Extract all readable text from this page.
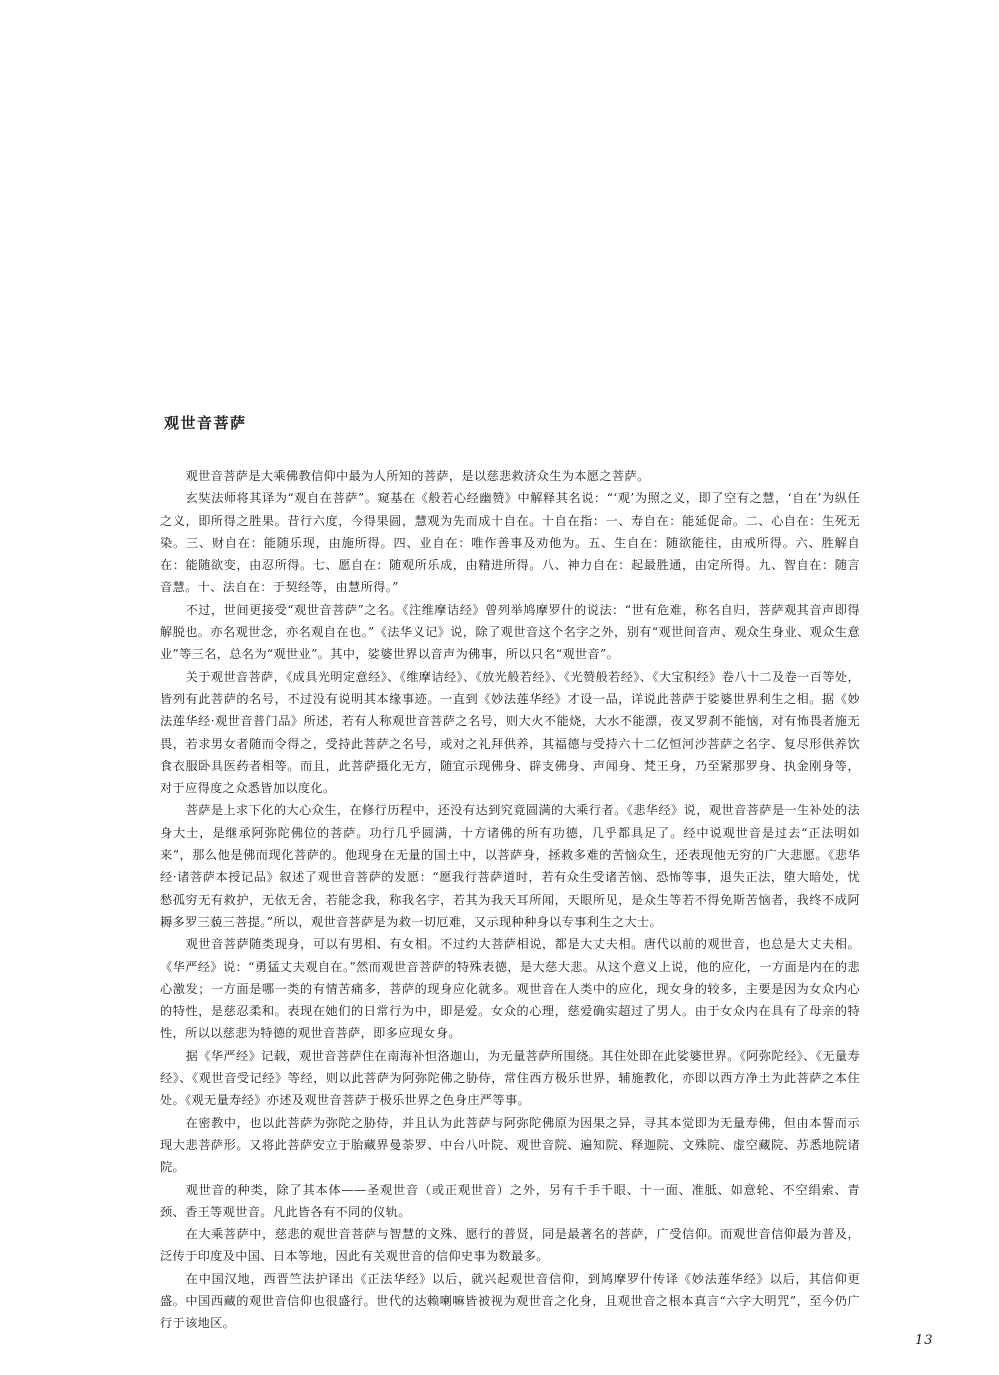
观世音菩萨

观世音菩萨是大乘佛教信仰中最为人所知的菩萨，是以慈悲救济众生为本愿之菩萨。

玄奘法师将其译为“观自在菩萨”。窥基在《般若心经幽赞》中解释其名说：“‘观’为照之义，即了空有之慧，‘自在’为纵任之义，即所得之胜果。昔行六度，今得果圆，慧观为先而成十自在。十自在指：一、寿自在：能延促命。二、心自在：生死无染。三、财自在：能随乐现，由施所得。四、业自在：唯作善事及劝他为。五、生自在：随欲能往，由戒所得。六、胜解自在：能随欲变，由忍所得。七、愿自在：随观所乐成，由精进所得。八、神力自在：起最胜通，由定所得。九、智自在：随言音慧。十、法自在：于契经等，由慧所得。”

不过，世间更接受“观世音菩萨”之名。《注维摩诘经》曾列举鸠摩罗什的说法：“世有危难，称名自归，菩萨观其音声即得解脱也。亦名观世念，亦名观自在也。”《法华义记》说，除了观世音这个名字之外，别有“观世间音声、观众生身业、观众生意业”等三名，总名为“观世业”。其中，娑婆世界以音声为佛事，所以只名“观世音”。

关于观世音菩萨，《成具光明定意经》、《维摩诘经》、《放光般若经》、《光赞般若经》、《大宝积经》卷八十二及卷一百等处，皆列有此菩萨的名号，不过没有说明其本缘事迹。一直到《妙法莲华经》才设一品，详说此菩萨于娑婆世界利生之相。据《妙法莲华经·观世音普门品》所述，若有人称观世音菩萨之名号，则大火不能烧，大水不能漂，夜叉罗刹不能恼，对有怖畏者施无畏，若求男女者随而令得之，受持此菩萨之名号，或对之礼拜供养，其福德与受持六十二亿恒河沙菩萨之名字、复尽形供养饮食衣服卧具医药者相等。而且，此菩萨摄化无方，随宜示现佛身、辟支佛身、声闻身、梵王身，乃至紧那罗身、执金刚身等，对于应得度之众悉皆加以度化。

菩萨是上求下化的大心众生，在修行历程中，还没有达到究竟圆满的大乘行者。《悲华经》说，观世音菩萨是一生补处的法身大士，是继承阿弥陀佛位的菩萨。功行几乎圆满，十方诸佛的所有功德，几乎都具足了。经中说观世音是过去“正法明如来”，那么他是佛而现化菩萨的。他现身在无量的国土中，以菩萨身，拯救多难的苦恼众生，还表现他无穷的广大悲愿。《悲华经·诸菩萨本授记品》叙述了观世音菩萨的发愿：“愿我行菩萨道时，若有众生受诸苦恼、恐怖等事，退失正法，堕大暗处，忧愁孤穷无有救护，无依无舍，若能念我，称我名字，若其为我天耳所闻，天眼所见，是众生等若不得免斯苦恼者，我终不成阿耨多罗三藐三菩提。”所以，观世音菩萨是为救一切厄难，又示现种种身以专事利生之大士。

观世音菩萨随类现身，可以有男相、有女相。不过约大菩萨相说，都是大丈夫相。唐代以前的观世音，也总是大丈夫相。《华严经》说：“勇猛丈夫观自在。”然而观世音菩萨的特殊表德，是大慈大悲。从这个意义上说，他的应化，一方面是内在的悲心激发；一方面是哪一类的有情苦痛多，菩萨的现身应化就多。观世音在人类中的应化，现女身的较多，主要是因为女众内心的特性，是慈忍柔和。表现在她们的日常行为中，即是爱。女众的心理，慈爱确实超过了男人。由于女众内在具有了母亲的特性，所以以慈悲为特德的观世音菩萨，即多应现女身。

据《华严经》记载，观世音菩萨住在南海补怛洛迦山，为无量菩萨所围绕。其住处即在此娑婆世界。《阿弥陀经》、《无量寿经》、《观世音受记经》等经，则以此菩萨为阿弥陀佛之胁侍，常住西方极乐世界，辅施教化，亦即以西方净土为此菩萨之本住处。《观无量寿经》亦述及观世音菩萨于极乐世界之色身庄严等事。

在密教中，也以此菩萨为弥陀之胁侍，并且认为此菩萨与阿弥陀佛原为因果之异，寻其本觉即为无量寿佛，但由本誓而示现大悲菩萨形。又将此菩萨安立于胎藏界曼荼罗、中台八叶院、观世音院、遍知院、释迦院、文殊院、虚空藏院、苏悉地院诸院。

观世音的种类，除了其本体——圣观世音（或正观世音）之外，另有千手千眼、十一面、准胝、如意轮、不空绢索、青颈、香王等观世音。凡此皆各有不同的仪轨。

在大乘菩萨中，慈悲的观世音菩萨与智慧的文殊、愿行的普贤，同是最著名的菩萨，广受信仰。而观世音信仰最为普及，泛传于印度及中国、日本等地，因此有关观世音的信仰史事为数最多。

在中国汉地，西晋竺法护译出《正法华经》以后，就兴起观世音信仰，到鸠摩罗什传译《妙法莲华经》以后，其信仰更盛。中国西藏的观世音信仰也很盛行。世代的达赖喇嘛皆被视为观世音之化身，且观世音之根本真言“六字大明咒”，至今仍广行于该地区。

13
